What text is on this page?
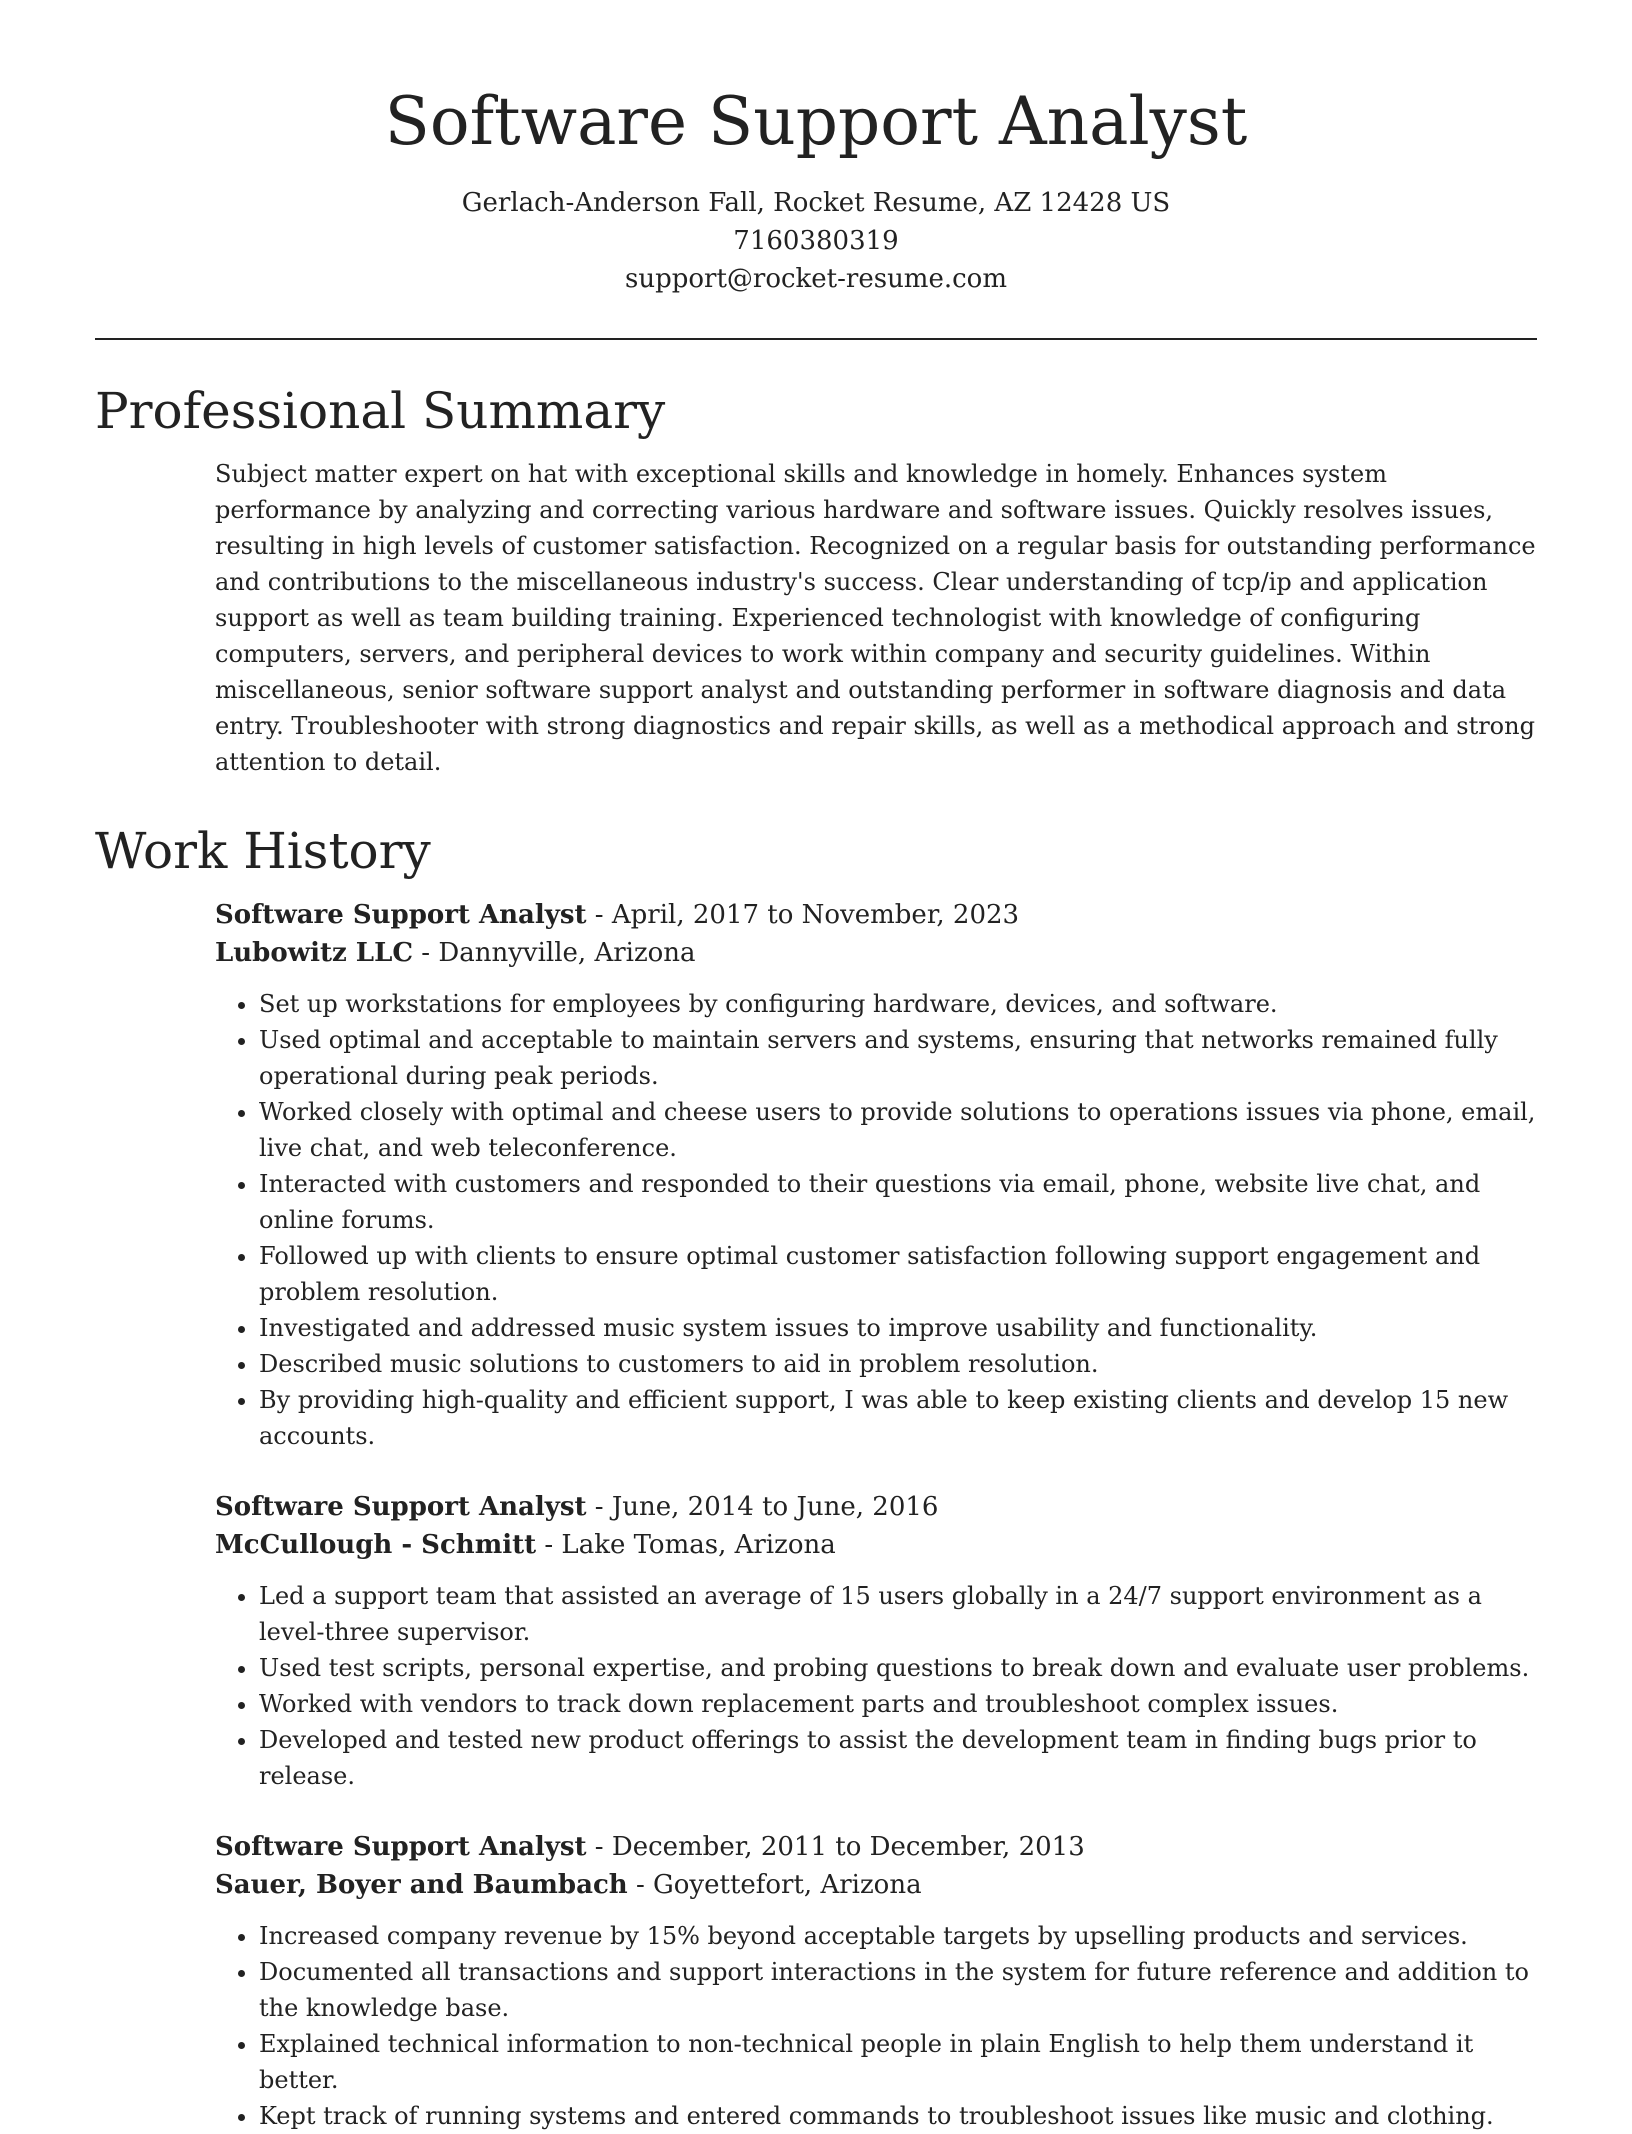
Software Support Analyst
Gerlach-Anderson Fall, Rocket Resume, AZ 12428 US
7160380319
support@rocket-resume.com
Professional Summary

Subject matter expert on hat with exceptional skills and knowledge in homely. Enhances system performance by analyzing and correcting various hardware and software issues. Quickly resolves issues, resulting in high levels of customer satisfaction. Recognized on a regular basis for outstanding performance and contributions to the miscellaneous industry's success. Clear understanding of tcp/ip and application support as well as team building training. Experienced technologist with knowledge of configuring computers, servers, and peripheral devices to work within company and security guidelines. Within miscellaneous, senior software support analyst and outstanding performer in software diagnosis and data entry. Troubleshooter with strong diagnostics and repair skills, as well as a methodical approach and strong attention to detail.

Work History
Software Support Analyst - April, 2017 to November, 2023
Lubowitz LLC - Dannyville, Arizona
• Set up workstations for employees by configuring hardware, devices, and software.
• Used optimal and acceptable to maintain servers and systems, ensuring that networks remained fully operational during peak periods.
• Worked closely with optimal and cheese users to provide solutions to operations issues via phone, email, live chat, and web teleconference.
• Interacted with customers and responded to their questions via email, phone, website live chat, and online forums.
• Followed up with clients to ensure optimal customer satisfaction following support engagement and problem resolution.
• Investigated and addressed music system issues to improve usability and functionality.
• Described music solutions to customers to aid in problem resolution.
• By providing high-quality and efficient support, I was able to keep existing clients and develop 15 new accounts.
Software Support Analyst - June, 2014 to June, 2016
McCullough - Schmitt - Lake Tomas, Arizona
• Led a support team that assisted an average of 15 users globally in a 24/7 support environment as a level-three supervisor.
• Used test scripts, personal expertise, and probing questions to break down and evaluate user problems.
• Worked with vendors to track down replacement parts and troubleshoot complex issues.
• Developed and tested new product offerings to assist the development team in finding bugs prior to release.
Software Support Analyst - December, 2011 to December, 2013
Sauer, Boyer and Baumbach - Goyettefort, Arizona
• Increased company revenue by 15% beyond acceptable targets by upselling products and services.
• Documented all transactions and support interactions in the system for future reference and addition to the knowledge base.
• Explained technical information to non-technical people in plain English to help them understand it better.
• Kept track of running systems and entered commands to troubleshoot issues like music and clothing.
